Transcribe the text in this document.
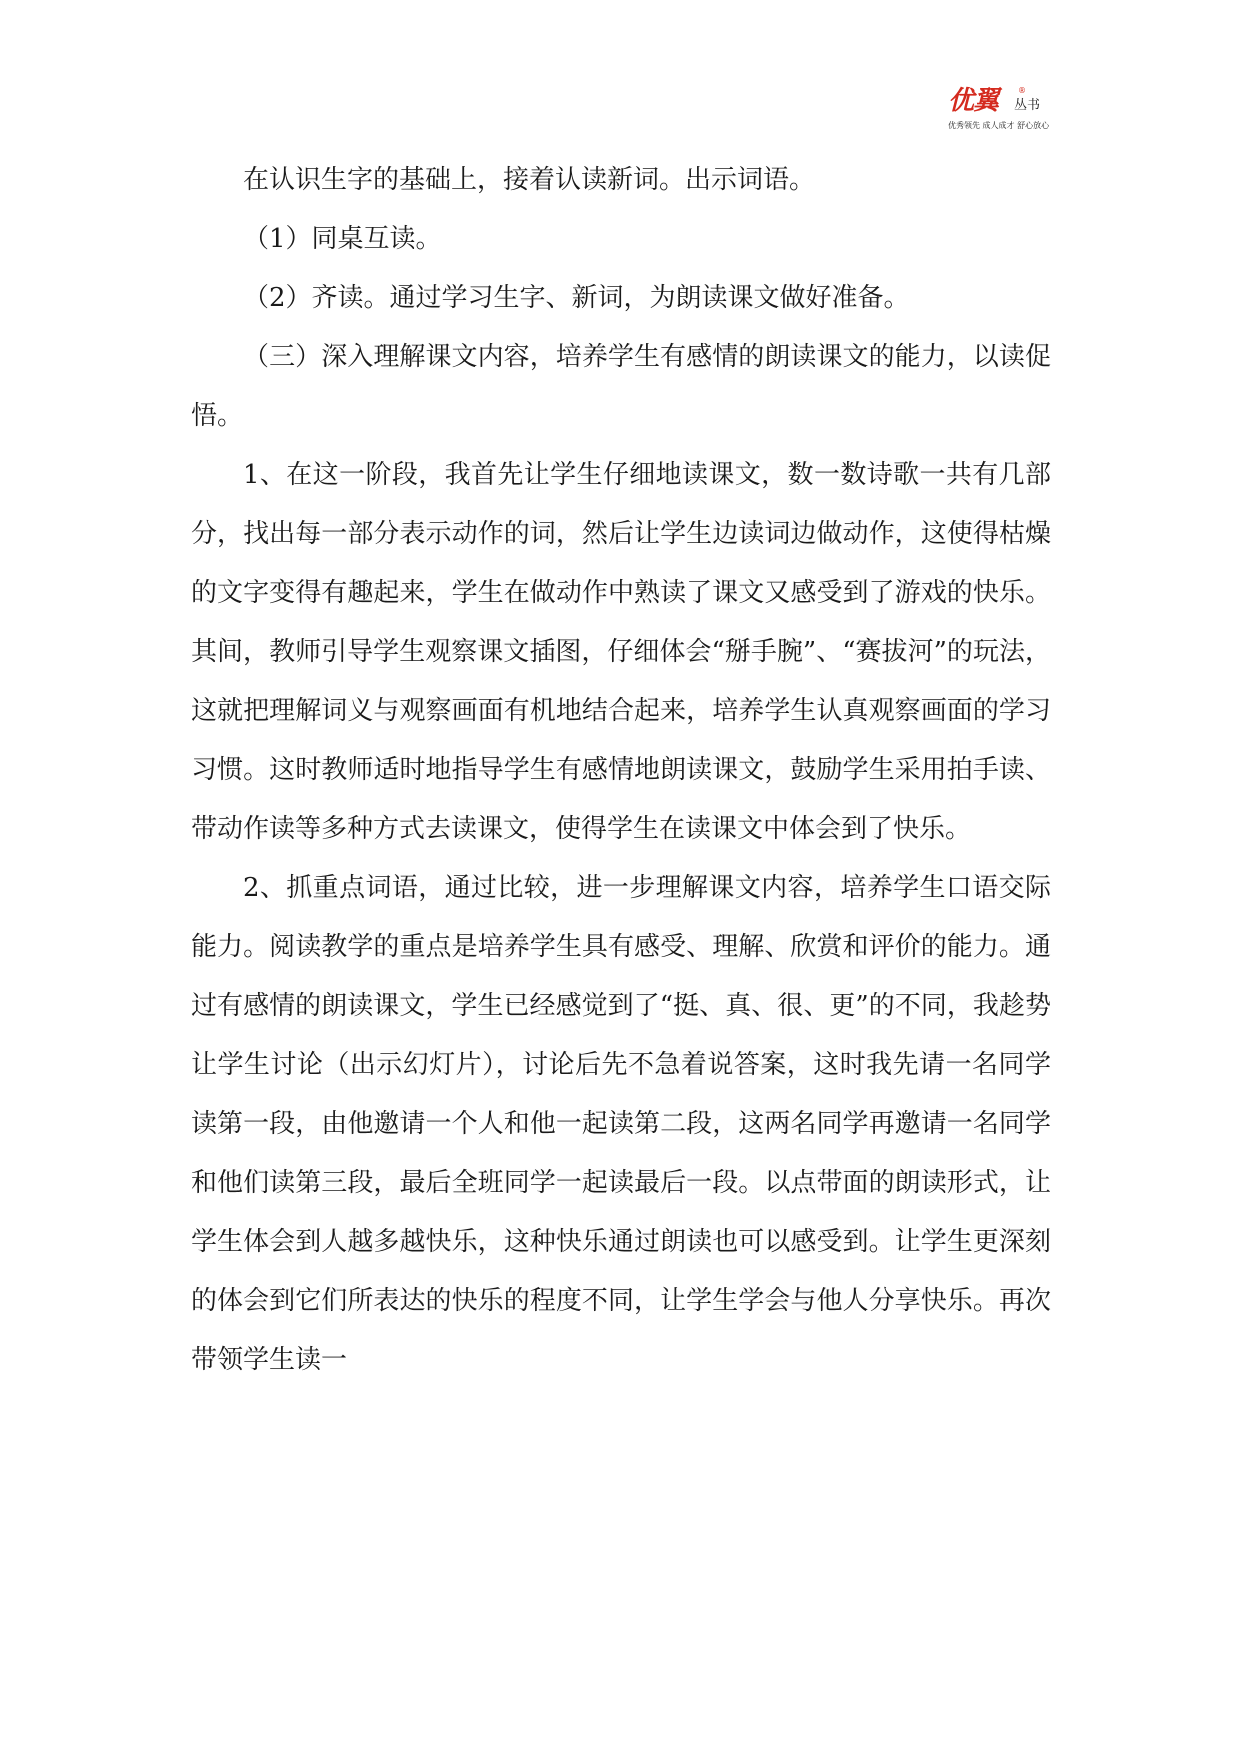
优翼 ®
丛书
优秀领先 成人成才 舒心放心

在认识生字的基础上，接着认读新词。出示词语。

（1）同桌互读。

（2）齐读。通过学习生字、新词，为朗读课文做好准备。

（三）深入理解课文内容，培养学生有感情的朗读课文的能力，以读促悟。

1、在这一阶段，我首先让学生仔细地读课文，数一数诗歌一共有几部分，找出每一部分表示动作的词，然后让学生边读词边做动作，这使得枯燥的文字变得有趣起来，学生在做动作中熟读了课文又感受到了游戏的快乐。其间，教师引导学生观察课文插图，仔细体会“掰手腕”、“赛拔河”的玩法，这就把理解词义与观察画面有机地结合起来，培养学生认真观察画面的学习习惯。这时教师适时地指导学生有感情地朗读课文，鼓励学生采用拍手读、带动作读等多种方式去读课文，使得学生在读课文中体会到了快乐。

2、抓重点词语，通过比较，进一步理解课文内容，培养学生口语交际能力。阅读教学的重点是培养学生具有感受、理解、欣赏和评价的能力。通过有感情的朗读课文，学生已经感觉到了“挺、真、很、更”的不同，我趁势让学生讨论（出示幻灯片），讨论后先不急着说答案，这时我先请一名同学读第一段，由他邀请一个人和他一起读第二段，这两名同学再邀请一名同学和他们读第三段，最后全班同学一起读最后一段。以点带面的朗读形式，让学生体会到人越多越快乐，这种快乐通过朗读也可以感受到。让学生更深刻的体会到它们所表达的快乐的程度不同，让学生学会与他人分享快乐。再次带领学生读一
